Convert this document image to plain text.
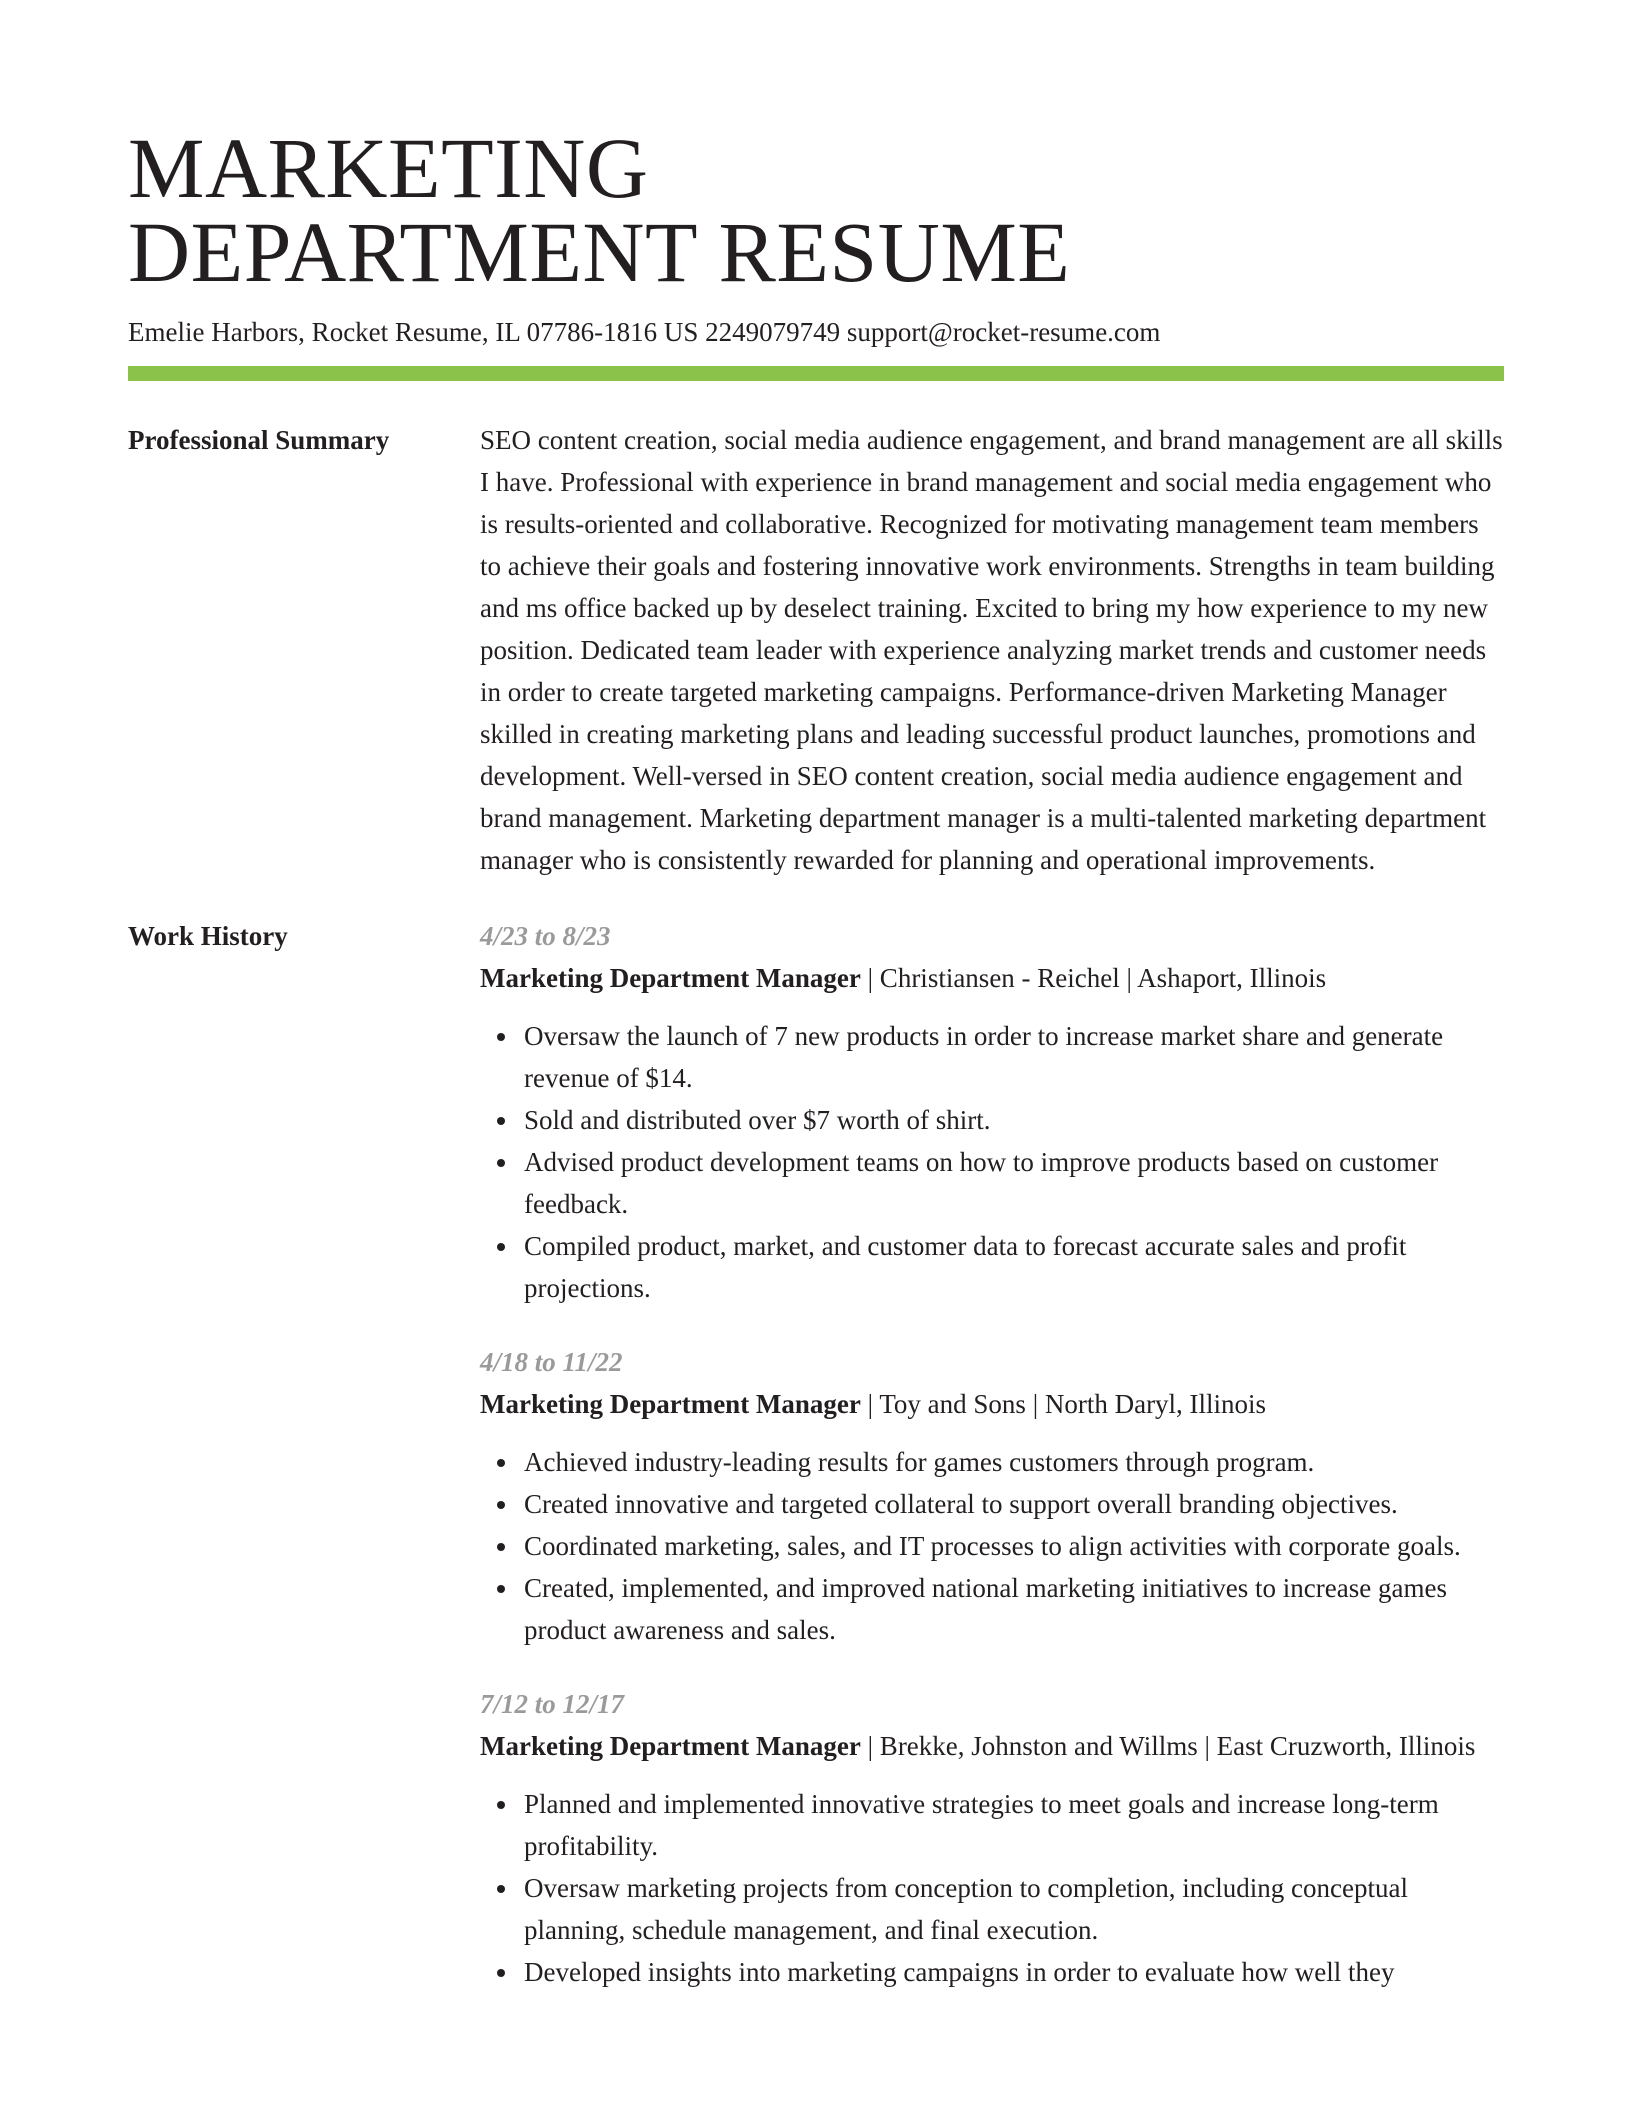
MARKETING
DEPARTMENT RESUME
Emelie Harbors, Rocket Resume, IL 07786-1816 US 2249079749 support@rocket-resume.com
Professional Summary	SEO content creation, social media audience engagement, and brand management are all skills I have. Professional with experience in brand management and social media engagement who is results-oriented and collaborative. Recognized for motivating management team members to achieve their goals and fostering innovative work environments. Strengths in team building and ms office backed up by deselect training. Excited to bring my how experience to my new position. Dedicated team leader with experience analyzing market trends and customer needs in order to create targeted marketing campaigns. Performance-driven Marketing Manager skilled in creating marketing plans and leading successful product launches, promotions and development. Well-versed in SEO content creation, social media audience engagement and brand management. Marketing department manager is a multi-talented marketing department manager who is consistently rewarded for planning and operational improvements.

Work History	4/23 to 8/23
Marketing Department Manager | Christiansen - Reichel | Ashaport, Illinois
Oversaw the launch of 7 new products in order to increase market share and generate revenue of $14.
Sold and distributed over $7 worth of shirt.
Advised product development teams on how to improve products based on customer feedback.
Compiled product, market, and customer data to forecast accurate sales and profit projections.
4/18 to 11/22
Marketing Department Manager | Toy and Sons | North Daryl, Illinois
Achieved industry-leading results for games customers through program.
Created innovative and targeted collateral to support overall branding objectives.
Coordinated marketing, sales, and IT processes to align activities with corporate goals.
Created, implemented, and improved national marketing initiatives to increase games product awareness and sales.
7/12 to 12/17
Marketing Department Manager | Brekke, Johnston and Willms | East Cruzworth, Illinois
Planned and implemented innovative strategies to meet goals and increase long-term profitability.
Oversaw marketing projects from conception to completion, including conceptual planning, schedule management, and final execution.
Developed insights into marketing campaigns in order to evaluate how well they
